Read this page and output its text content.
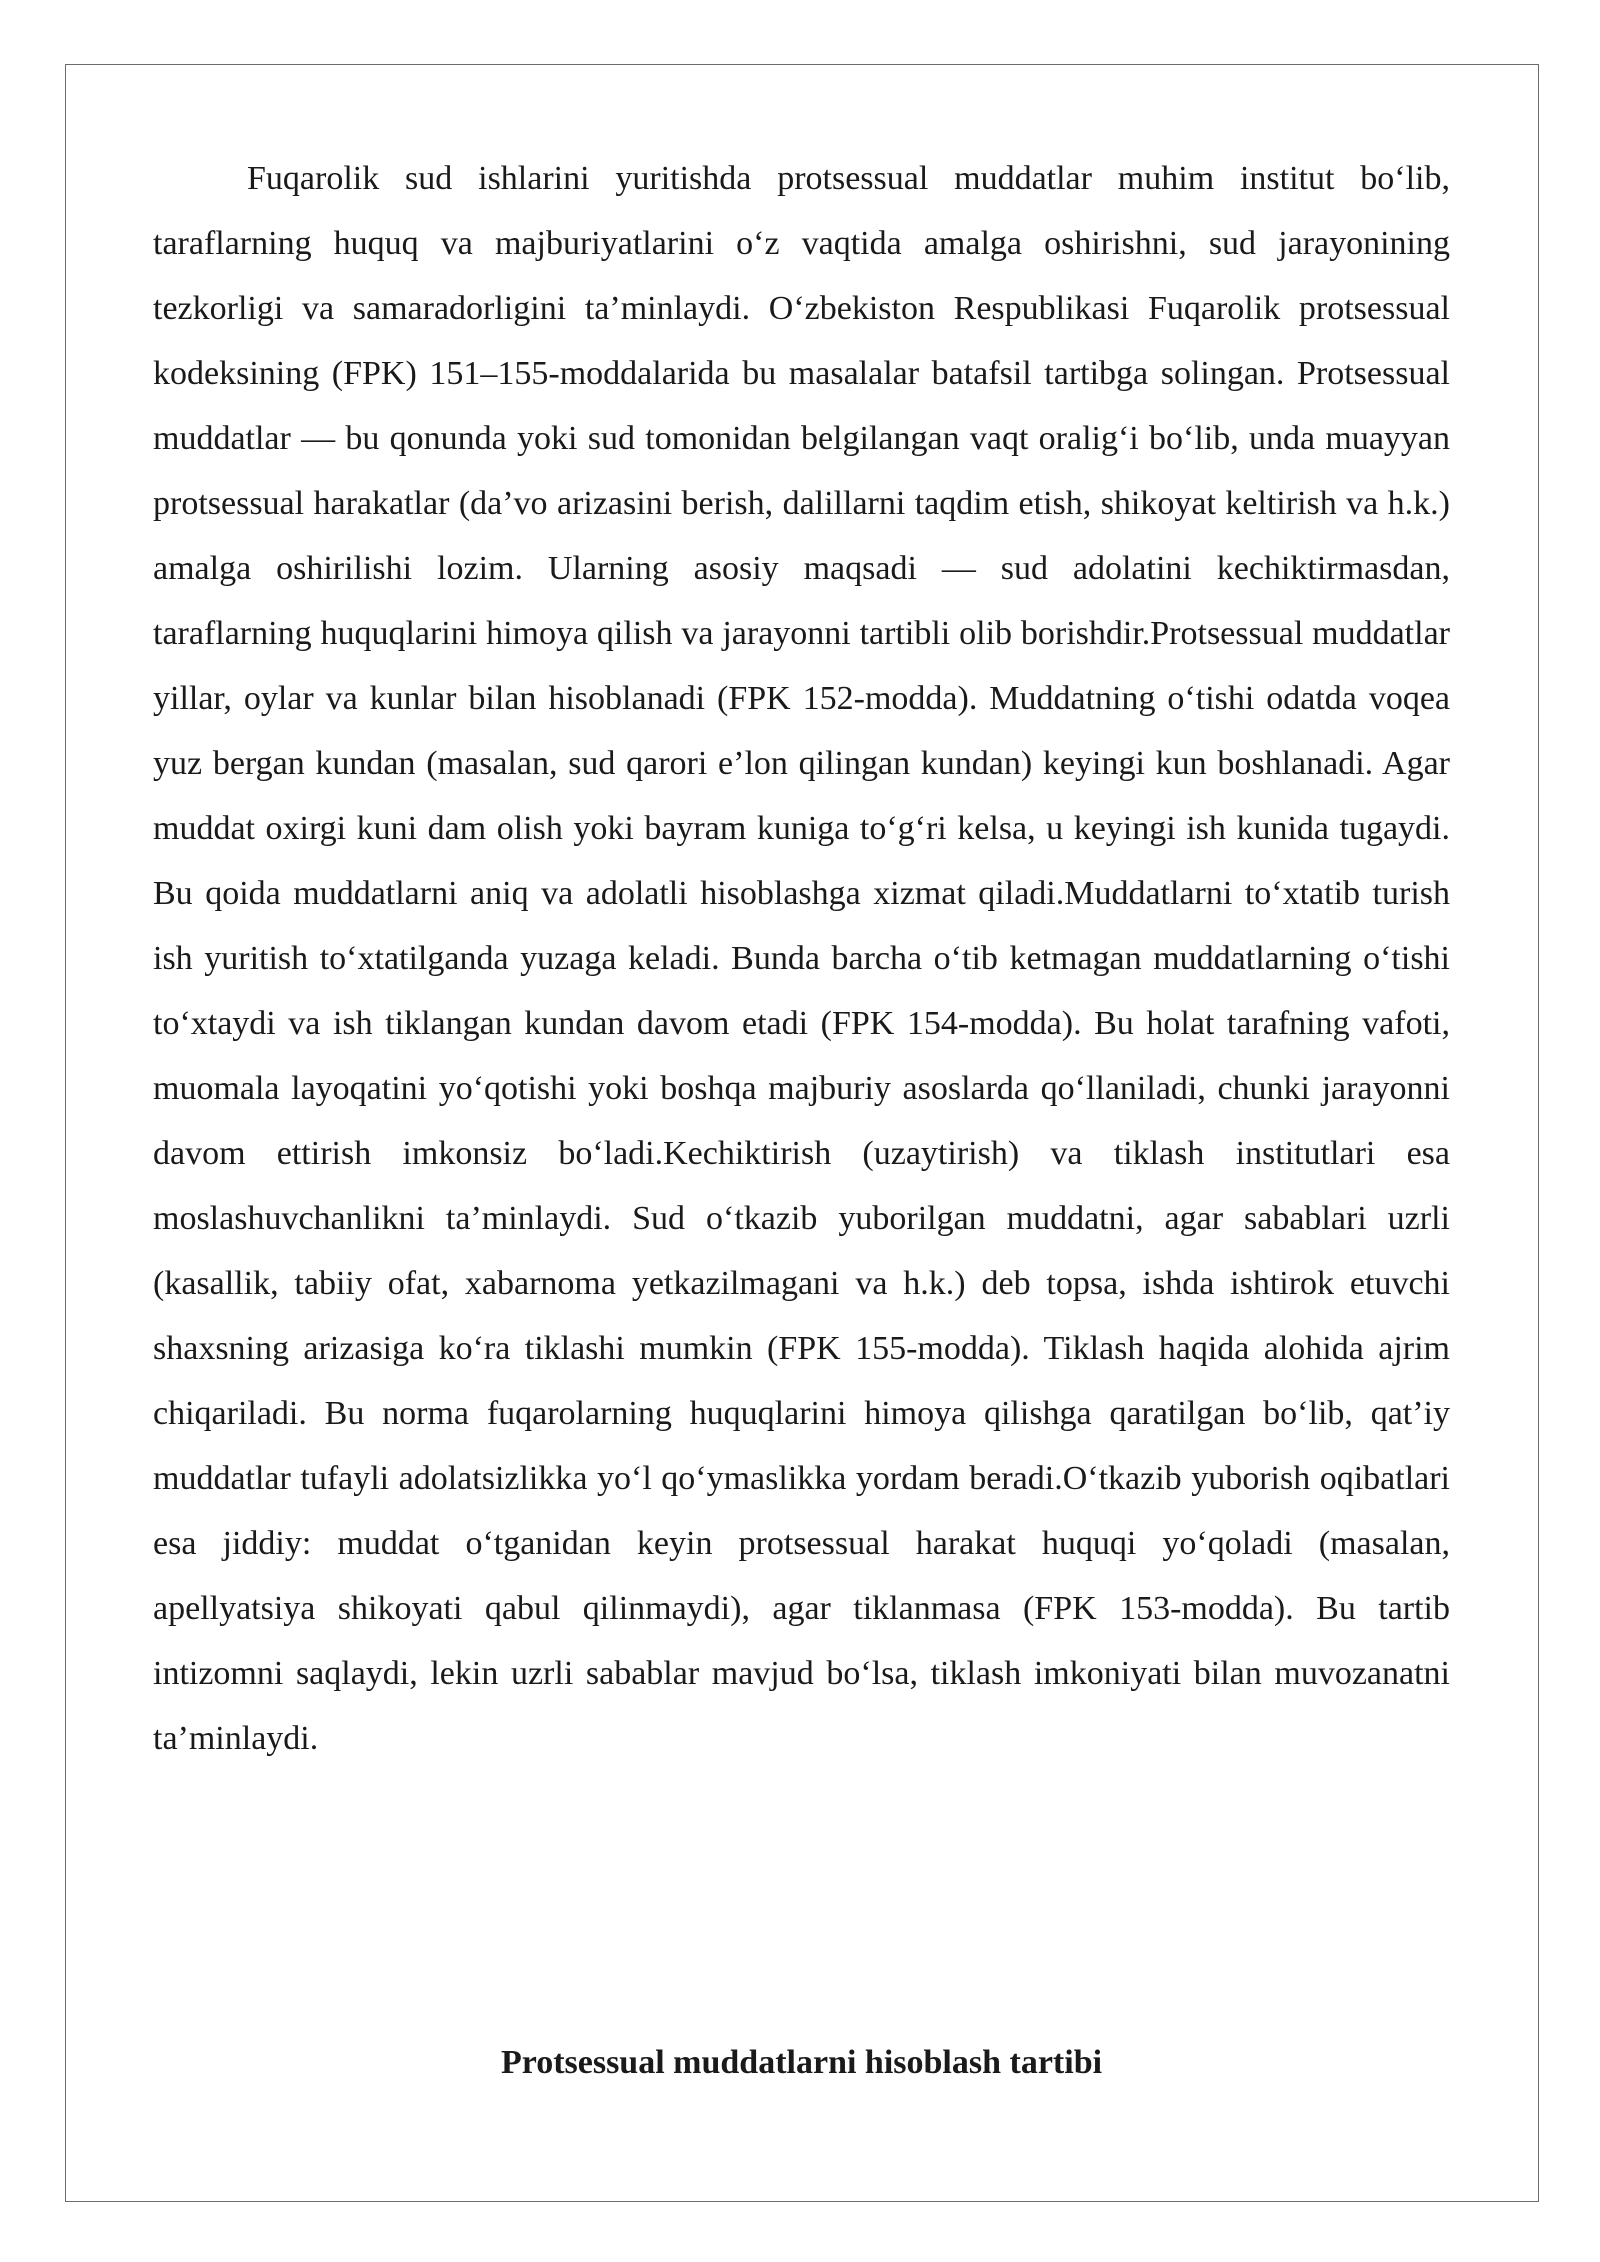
Fuqarolik sud ishlarini yuritishda protsessual muddatlar muhim institut bo‘lib, taraflarning huquq va majburiyatlarini o‘z vaqtida amalga oshirishni, sud jarayonining tezkorligi va samaradorligini ta’minlaydi. O‘zbekiston Respublikasi Fuqarolik protsessual kodeksining (FPK) 151–155-moddalarida bu masalalar batafsil tartibga solingan. Protsessual muddatlar — bu qonunda yoki sud tomonidan belgilangan vaqt oralig‘i bo‘lib, unda muayyan protsessual harakatlar (da’vo arizasini berish, dalillarni taqdim etish, shikoyat keltirish va h.k.) amalga oshirilishi lozim. Ularning asosiy maqsadi — sud adolatini kechiktirmasdan, taraflarning huquqlarini himoya qilish va jarayonni tartibli olib borishdir.Protsessual muddatlar yillar, oylar va kunlar bilan hisoblanadi (FPK 152-modda). Muddatning o‘tishi odatda voqea yuz bergan kundan (masalan, sud qarori e’lon qilingan kundan) keyingi kun boshlanadi. Agar muddat oxirgi kuni dam olish yoki bayram kuniga to‘g‘ri kelsa, u keyingi ish kunida tugaydi. Bu qoida muddatlarni aniq va adolatli hisoblashga xizmat qiladi.Muddatlarni to‘xtatib turish ish yuritish to‘xtatilganda yuzaga keladi. Bunda barcha o‘tib ketmagan muddatlarning o‘tishi to‘xtaydi va ish tiklangan kundan davom etadi (FPK 154-modda). Bu holat tarafning vafoti, muomala layoqatini yo‘qotishi yoki boshqa majburiy asoslarda qo‘llaniladi, chunki jarayonni davom ettirish imkonsiz bo‘ladi.Kechiktirish (uzaytirish) va tiklash institutlari esa moslashuvchanlikni ta’minlaydi. Sud o‘tkazib yuborilgan muddatni, agar sabablari uzrli (kasallik, tabiiy ofat, xabarnoma yetkazilmagani va h.k.) deb topsa, ishda ishtirok etuvchi shaxsning arizasiga ko‘ra tiklashi mumkin (FPK 155-modda). Tiklash haqida alohida ajrim chiqariladi. Bu norma fuqarolarning huquqlarini himoya qilishga qaratilgan bo‘lib, qat’iy muddatlar tufayli adolatsizlikka yo‘l qo‘ymaslikka yordam beradi.O‘tkazib yuborish oqibatlari esa jiddiy: muddat o‘tganidan keyin protsessual harakat huquqi yo‘qoladi (masalan, apellyatsiya shikoyati qabul qilinmaydi), agar tiklanmasa (FPK 153-modda). Bu tartib intizomni saqlaydi, lekin uzrli sabablar mavjud bo‘lsa, tiklash imkoniyati bilan muvozanatni ta’minlaydi.

Protsessual muddatlarni hisoblash tartibi
